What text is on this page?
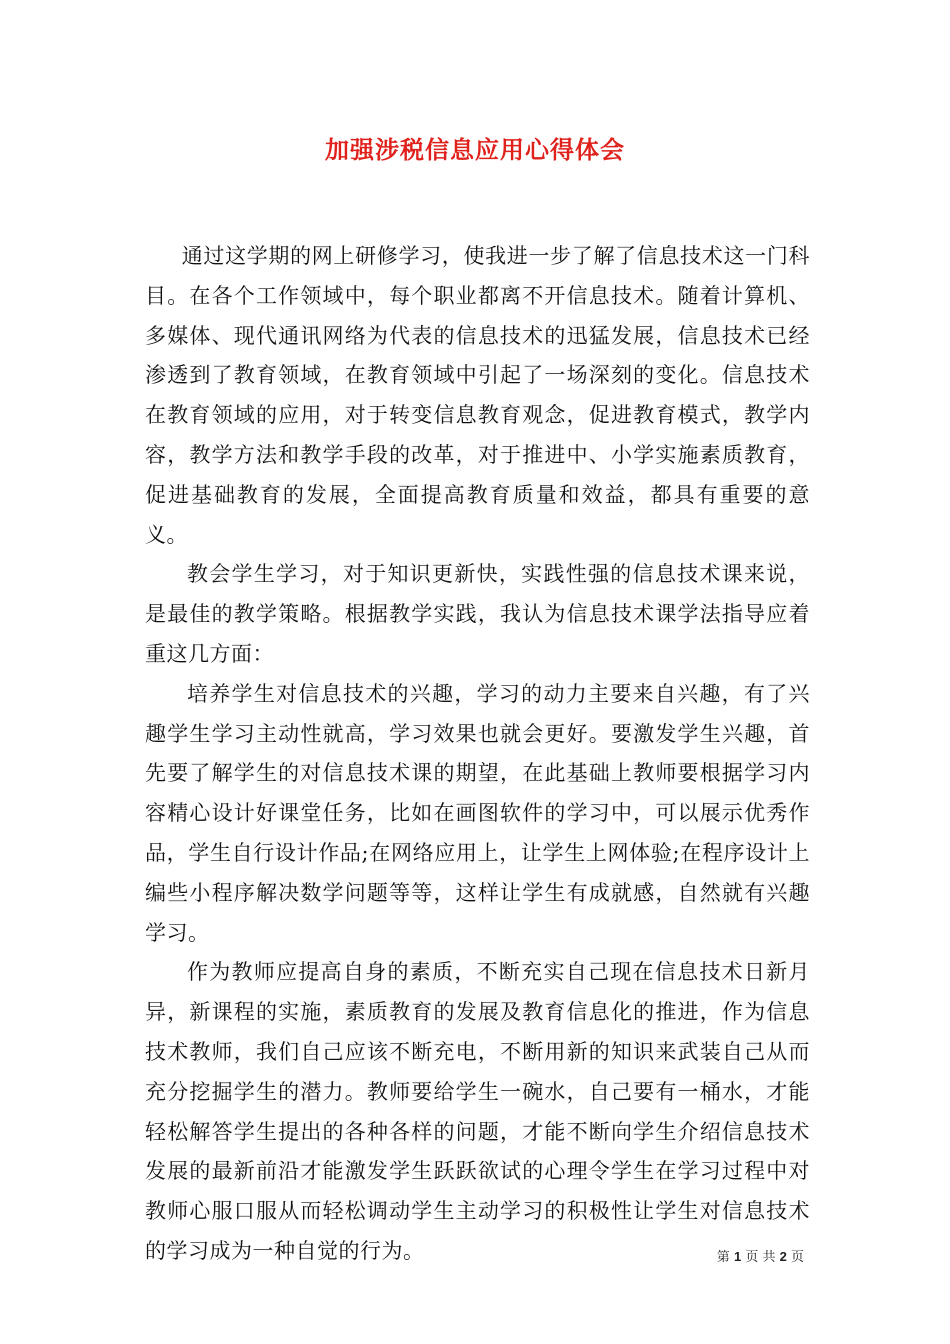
加强涉税信息应用心得体会

通过这学期的网上研修学习，使我进一步了解了信息技术这一门科目。在各个工作领域中，每个职业都离不开信息技术。随着计算机、多媒体、现代通讯网络为代表的信息技术的迅猛发展，信息技术已经渗透到了教育领域，在教育领域中引起了一场深刻的变化。信息技术在教育领域的应用，对于转变信息教育观念，促进教育模式，教学内容，教学方法和教学手段的改革，对于推进中、小学实施素质教育，促进基础教育的发展，全面提高教育质量和效益，都具有重要的意义。

教会学生学习，对于知识更新快，实践性强的信息技术课来说，是最佳的教学策略。根据教学实践，我认为信息技术课学法指导应着重这几方面：

培养学生对信息技术的兴趣，学习的动力主要来自兴趣，有了兴趣学生学习主动性就高，学习效果也就会更好。要激发学生兴趣，首先要了解学生的对信息技术课的期望，在此基础上教师要根据学习内容精心设计好课堂任务，比如在画图软件的学习中，可以展示优秀作品，学生自行设计作品;在网络应用上，让学生上网体验;在程序设计上编些小程序解决数学问题等等，这样让学生有成就感，自然就有兴趣学习。

作为教师应提高自身的素质，不断充实自己现在信息技术日新月异，新课程的实施，素质教育的发展及教育信息化的推进，作为信息技术教师，我们自己应该不断充电，不断用新的知识来武装自己从而充分挖掘学生的潜力。教师要给学生一碗水，自己要有一桶水，才能轻松解答学生提出的各种各样的问题，才能不断向学生介绍信息技术发展的最新前沿才能激发学生跃跃欲试的心理令学生在学习过程中对教师心服口服从而轻松调动学生主动学习的积极性让学生对信息技术的学习成为一种自觉的行为。	第 1 页 共 2 页
